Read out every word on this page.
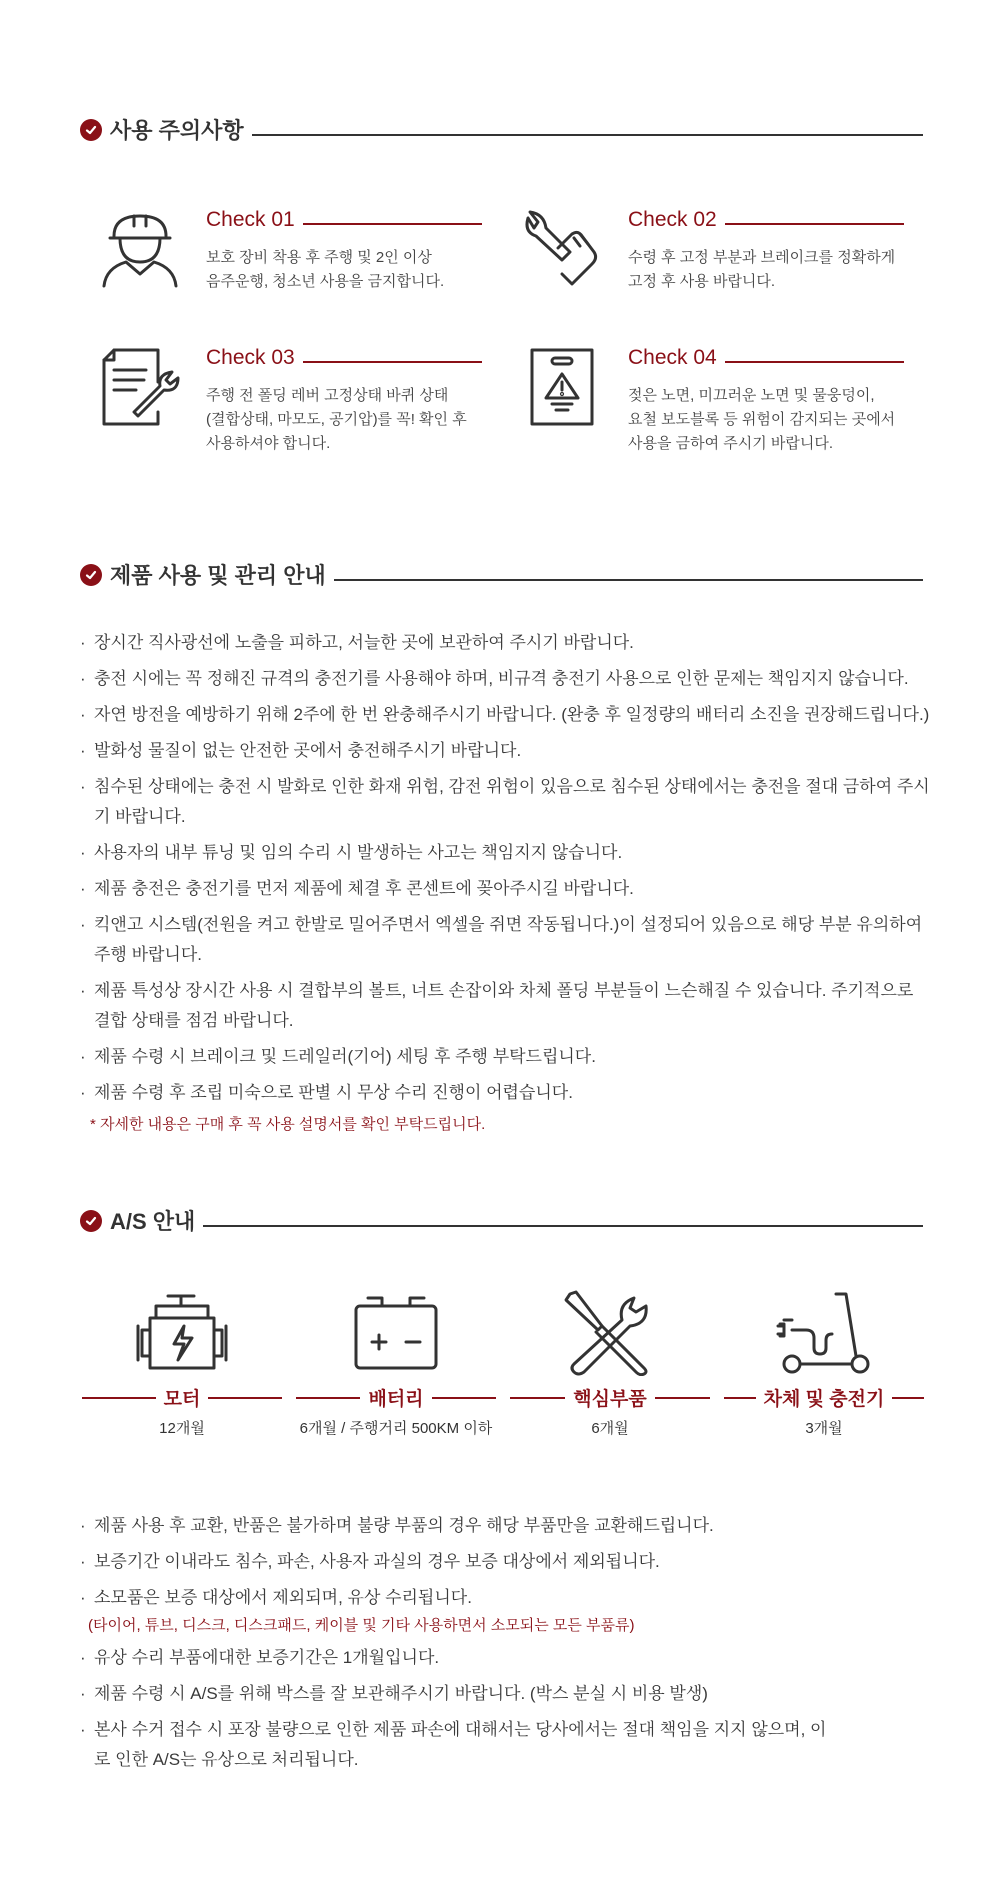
사용 주의사항
Check 01
보호 장비 착용 후 주행 및 2인 이상
음주운행, 청소년 사용을 금지합니다.
Check 02
수령 후 고정 부분과 브레이크를 정확하게
고정 후 사용 바랍니다.
Check 03
주행 전 폴딩 레버 고정상태 바퀴 상태
(결합상태, 마모도, 공기압)를 꼭! 확인 후
사용하셔야 합니다.
Check 04
젖은 노면, 미끄러운 노면 및 물웅덩이,
요철 보도블록 등 위험이 감지되는 곳에서
사용을 금하여 주시기 바랍니다.
제품 사용 및 관리 안내
· 장시간 직사광선에 노출을 피하고, 서늘한 곳에 보관하여 주시기 바랍니다.
· 충전 시에는 꼭 정해진 규격의 충전기를 사용해야 하며, 비규격 충전기 사용으로 인한 문제는 책임지지 않습니다.
· 자연 방전을 예방하기 위해 2주에 한 번 완충해주시기 바랍니다. (완충 후 일정량의 배터리 소진을 권장해드립니다.)
· 발화성 물질이 없는 안전한 곳에서 충전해주시기 바랍니다.
· 침수된 상태에는 충전 시 발화로 인한 화재 위험, 감전 위험이 있음으로 침수된 상태에서는 충전을 절대 금하여 주시기 바랍니다.
· 사용자의 내부 튜닝 및 임의 수리 시 발생하는 사고는 책임지지 않습니다.
· 제품 충전은 충전기를 먼저 제품에 체결 후 콘센트에 꽂아주시길 바랍니다.
· 킥앤고 시스템(전원을 켜고 한발로 밀어주면서 엑셀을 쥐면 작동됩니다.)이 설정되어 있음으로 해당 부분 유의하여 주행 바랍니다.
· 제품 특성상 장시간 사용 시 결합부의 볼트, 너트 손잡이와 차체 폴딩 부분들이 느슨해질 수 있습니다. 주기적으로 결합 상태를 점검 바랍니다.
· 제품 수령 시 브레이크 및 드레일러(기어) 세팅 후 주행 부탁드립니다.
· 제품 수령 후 조립 미숙으로 판별 시 무상 수리 진행이 어렵습니다.
* 자세한 내용은 구매 후 꼭 사용 설명서를 확인 부탁드립니다.
A/S 안내
모터
12개월
배터리
6개월 / 주행거리 500KM 이하
핵심부품
6개월
차체 및 충전기
3개월
· 제품 사용 후 교환, 반품은 불가하며 불량 부품의 경우 해당 부품만을 교환해드립니다.
· 보증기간 이내라도 침수, 파손, 사용자 과실의 경우 보증 대상에서 제외됩니다.
· 소모품은 보증 대상에서 제외되며, 유상 수리됩니다.
(타이어, 튜브, 디스크, 디스크패드, 케이블 및 기타 사용하면서 소모되는 모든 부품류)
· 유상 수리 부품에대한 보증기간은 1개월입니다.
· 제품 수령 시 A/S를 위해 박스를 잘 보관해주시기 바랍니다. (박스 분실 시 비용 발생)
· 본사 수거 접수 시 포장 불량으로 인한 제품 파손에 대해서는 당사에서는 절대 책임을 지지 않으며, 이로 인한 A/S는 유상으로 처리됩니다.
